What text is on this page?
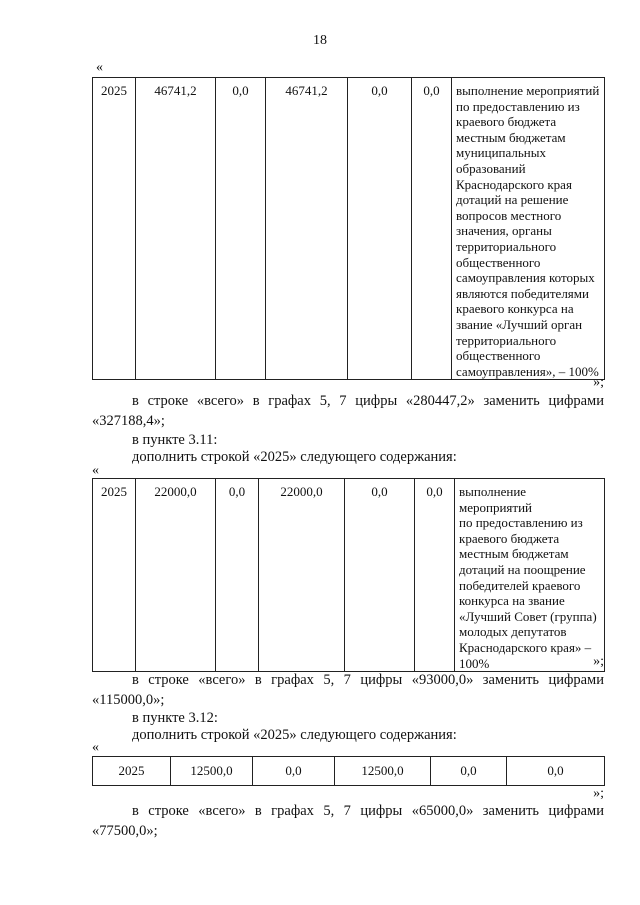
18
«
2025	46741,2	0,0	46741,2	0,0	0,0	выполнение мероприятий
по предоставлению из
краевого бюджета
местным бюджетам
муниципальных
образований
Краснодарского края
дотаций на решение
вопросов местного
значения, органы
территориального
общественного
самоуправления которых
являются победителями
краевого конкурса на
звание «Лучший орган
территориального
общественного
самоуправления», – 100%
»;
в строке «всего» в графах 5, 7 цифры «280447,2» заменить цифрами
«327188,4»;
в пункте 3.11:
дополнить строкой «2025» следующего содержания:
«
2025	22000,0	0,0	22000,0	0,0	0,0	выполнение мероприятий
по предоставлению из
краевого бюджета
местным бюджетам
дотаций на поощрение
победителей краевого
конкурса на звание
«Лучший Совет (группа)
молодых депутатов
Краснодарского края» –
100%	»;
в строке «всего» в графах 5, 7 цифры «93000,0» заменить цифрами
«115000,0»;
в пункте 3.12:
дополнить строкой «2025» следующего содержания:
«
2025	12500,0	0,0	12500,0	0,0	0,0
»;
в строке «всего» в графах 5, 7 цифры «65000,0» заменить цифрами
«77500,0»;
